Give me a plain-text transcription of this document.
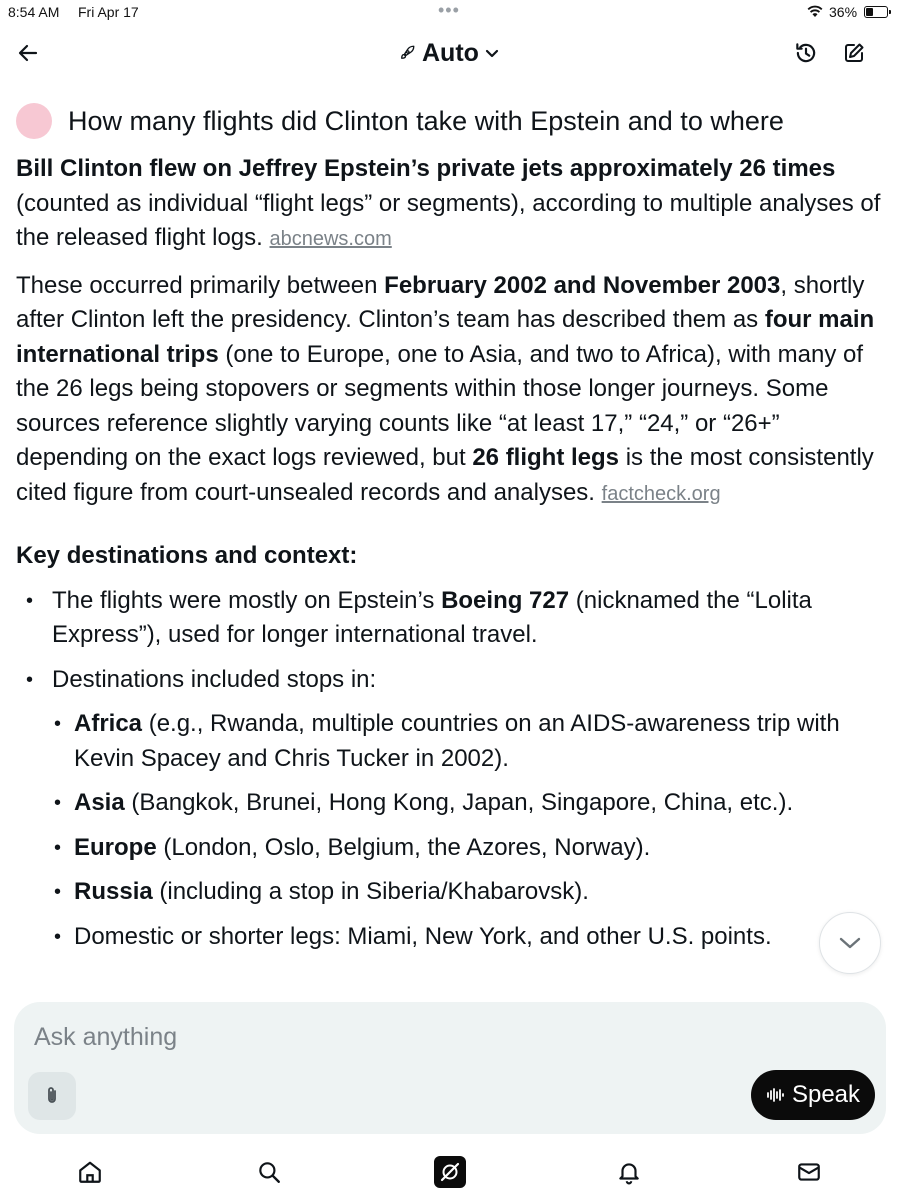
8:54 AM Fri Apr 17	•••	36%
Auto
How many flights did Clinton take with Epstein and to where

Bill Clinton flew on Jeffrey Epstein’s private jets approximately 26 times (counted as individual “flight legs” or segments), according to multiple analyses of the released flight logs. abcnews.com

These occurred primarily between February 2002 and November 2003, shortly after Clinton left the presidency. Clinton’s team has described them as four main international trips (one to Europe, one to Asia, and two to Africa), with many of the 26 legs being stopovers or segments within those longer journeys. Some sources reference slightly varying counts like “at least 17,” “24,” or “26+” depending on the exact logs reviewed, but 26 flight legs is the most consistently cited figure from court-unsealed records and analyses. factcheck.org

Key destinations and context:

• The flights were mostly on Epstein’s Boeing 727 (nicknamed the “Lolita Express”), used for longer international travel.
• Destinations included stops in:
• Africa (e.g., Rwanda, multiple countries on an AIDS-awareness trip with Kevin Spacey and Chris Tucker in 2002).
• Asia (Bangkok, Brunei, Hong Kong, Japan, Singapore, China, etc.).
• Europe (London, Oslo, Belgium, the Azores, Norway).
• Russia (including a stop in Siberia/Khabarovsk).
• Domestic or shorter legs: Miami, New York, and other U.S. points.
Ask anything
Speak
